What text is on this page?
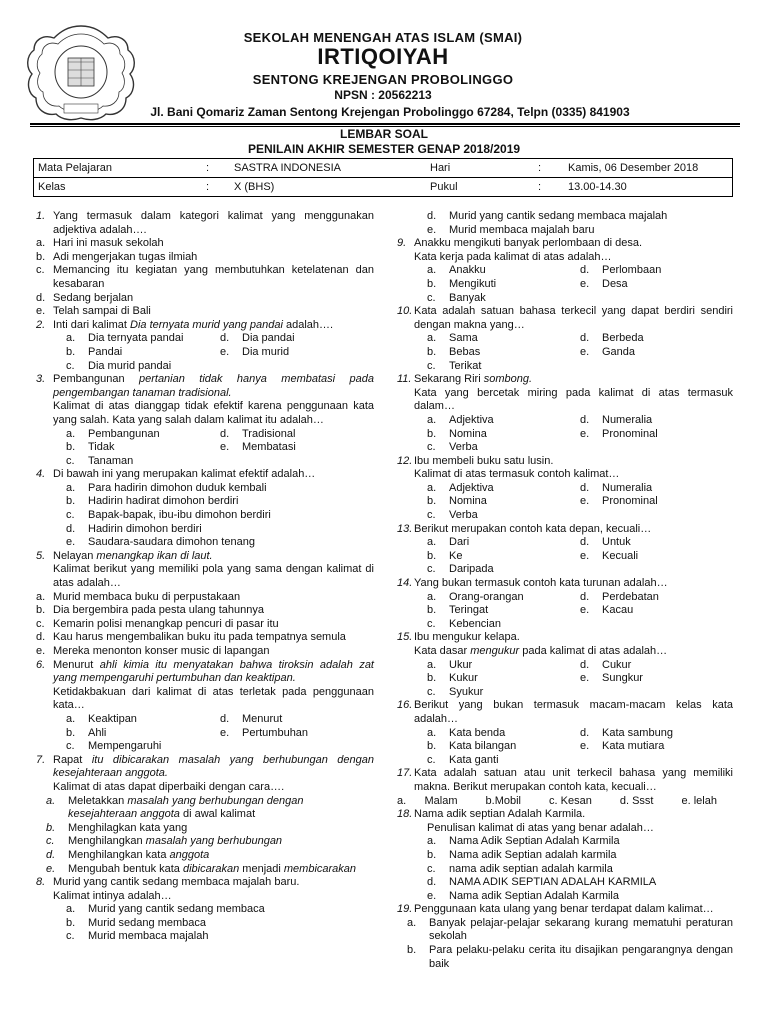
SEKOLAH MENENGAH ATAS ISLAM (SMAI)
IRTIQOIYAH
SENTONG KREJENGAN PROBOLINGGO
NPSN : 20562213
Jl. Bani Qomariz Zaman Sentong Krejengan Probolinggo 67284, Telpn (0335) 841903
LEMBAR SOAL
PENILAIN AKHIR SEMESTER GENAP 2018/2019
Mata Pelajaran	:	SASTRA INDONESIA	Hari	:	Kamis, 06 Desember 2018
Kelas	:	X (BHS)	Pukul	:	13.00-14.30
1. Yang termasuk dalam kategori kalimat yang menggunakan adjektiva adalah….
a. Hari ini masuk sekolah
b. Adi mengerjakan tugas ilmiah
c. Memancing itu kegiatan yang membutuhkan ketelatenan dan kesabaran
d. Sedang berjalan
e. Telah sampai di Bali
2. Inti dari kalimat Dia ternyata murid yang pandai adalah….
a. Dia ternyata pandai	d. Dia pandai
b. Pandai	e. Dia murid
c. Dia murid pandai
3. Pembangunan pertanian tidak hanya membatasi pada pengembangan tanaman tradisional.
Kalimat di atas dianggap tidak efektif karena penggunaan kata yang salah. Kata yang salah dalam kalimat itu adalah…
a. Pembangunan	d. Tradisional
b. Tidak	e. Membatasi
c. Tanaman
4. Di bawah ini yang merupakan kalimat efektif adalah…
a. Para hadirin dimohon duduk kembali
b. Hadirin hadirat dimohon berdiri
c. Bapak-bapak, ibu-ibu dimohon berdiri
d. Hadirin dimohon berdiri
e. Saudara-saudara dimohon tenang
5. Nelayan menangkap ikan di laut.
Kalimat berikut yang memiliki pola yang sama dengan kalimat di atas adalah…
a. Murid membaca buku di perpustakaan
b. Dia bergembira pada pesta ulang tahunnya
c. Kemarin polisi menangkap pencuri di pasar itu
d. Kau harus mengembalikan buku itu pada tempatnya semula
e. Mereka menonton konser music di lapangan
6. Menurut ahli kimia itu menyatakan bahwa tiroksin adalah zat yang mempengaruhi pertumbuhan dan keaktipan.
Ketidakbakuan dari kalimat di atas terletak pada penggunaan kata…
a. Keaktipan	d. Menurut
b. Ahli	e. Pertumbuhan
c. Mempengaruhi
7. Rapat itu dibicarakan masalah yang berhubungan dengan kesejahteraan anggota.
Kalimat di atas dapat diperbaiki dengan cara….
a. Meletakkan masalah yang berhubungan dengan kesejahteraan anggota di awal kalimat
b. Menghilagkan kata yang
c. Menghilangkan masalah yang berhubungan
d. Menghilangkan kata anggota
e. Mengubah bentuk kata dibicarakan menjadi membicarakan
8. Murid yang cantik sedang membaca majalah baru.
Kalimat intinya adalah…
a. Murid yang cantik sedang membaca
b. Murid sedang membaca
c. Murid membaca majalah
d. Murid yang cantik sedang membaca majalah
e. Murid membaca majalah baru
9. Anakku mengikuti banyak perlombaan di desa.
Kata kerja pada kalimat di atas adalah…
a. Anakku	d. Perlombaan
b. Mengikuti	e. Desa
c. Banyak
10. Kata adalah satuan bahasa terkecil yang dapat berdiri sendiri dengan makna yang…
a. Sama	d. Berbeda
b. Bebas	e. Ganda
c. Terikat
11. Sekarang Riri sombong.
Kata yang bercetak miring pada kalimat di atas termasuk dalam…
a. Adjektiva	d. Numeralia
b. Nomina	e. Pronominal
c. Verba
12. Ibu membeli buku satu lusin.
Kalimat di atas termasuk contoh kalimat…
a. Adjektiva	d. Numeralia
b. Nomina	e. Pronominal
c. Verba
13. Berikut merupakan contoh kata depan, kecuali…
a. Dari	d. Untuk
b. Ke	e. Kecuali
c. Daripada
14. Yang bukan termasuk contoh kata turunan adalah…
a. Orang-orangan	d. Perdebatan
b. Teringat	e. Kacau
c. Kebencian
15. Ibu mengukur kelapa.
Kata dasar mengukur pada kalimat di atas adalah…
a. Ukur	d. Cukur
b. Kukur	e. Sungkur
c. Syukur
16. Berikut yang bukan termasuk macam-macam kelas kata adalah…
a. Kata benda	d. Kata sambung
b. Kata bilangan	e. Kata mutiara
c. Kata ganti
17. Kata adalah satuan atau unit terkecil bahasa yang memiliki makna. Berikut merupakan contoh kata, kecuali…
a.      Malam	b.Mobil	c. Kesan	d. Ssst	e. lelah
18. Nama adik septian Adalah Karmila.
Penulisan kalimat di atas yang benar adalah…
a. Nama Adik Septian Adalah Karmila
b. Nama adik Septian adalah karmila
c. nama adik septian adalah karmila
d. NAMA ADIK SEPTIAN ADALAH KARMILA
e. Nama adik Septian Adalah Karmila
19. Penggunaan kata ulang yang benar terdapat dalam kalimat…
a. Banyak pelajar-pelajar sekarang kurang mematuhi peraturan sekolah
b. Para pelaku-pelaku cerita itu disajikan pengarangnya dengan baik
